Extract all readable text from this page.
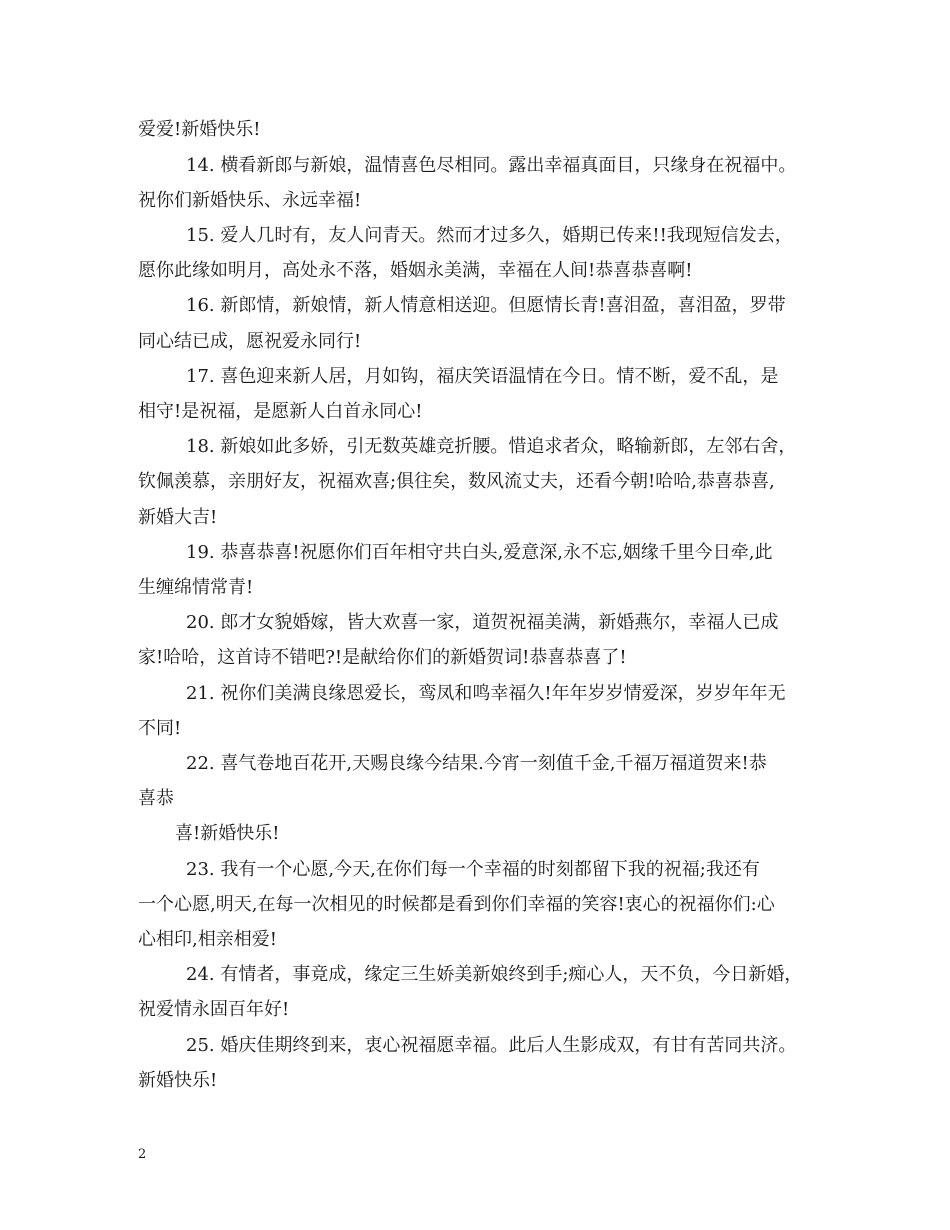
爱爱!新婚快乐!
14. 横看新郎与新娘，温情喜色尽相同。露出幸福真面目，只缘身在祝福中。
祝你们新婚快乐、永远幸福!
15. 爱人几时有，友人问青天。然而才过多久，婚期已传来!!我现短信发去，
愿你此缘如明月，高处永不落，婚姻永美满，幸福在人间!恭喜恭喜啊!
16. 新郎情，新娘情，新人情意相送迎。但愿情长青!喜泪盈，喜泪盈，罗带
同心结已成，愿祝爱永同行!
17. 喜色迎来新人居，月如钩，福庆笑语温情在今日。情不断，爱不乱，是
相守!是祝福，是愿新人白首永同心!
18. 新娘如此多娇，引无数英雄竞折腰。惜追求者众，略输新郎，左邻右舍，
钦佩羡慕，亲朋好友，祝福欢喜;俱往矣，数风流丈夫，还看今朝!哈哈,恭喜恭喜,
新婚大吉!
19. 恭喜恭喜!祝愿你们百年相守共白头,爱意深,永不忘,姻缘千里今日牵,此
生缠绵情常青!
20. 郎才女貌婚嫁，皆大欢喜一家，道贺祝福美满，新婚燕尔，幸福人已成
家!哈哈，这首诗不错吧?!是献给你们的新婚贺词!恭喜恭喜了!
21. 祝你们美满良缘恩爱长，鸾凤和鸣幸福久!年年岁岁情爱深，岁岁年年无
不同!
22. 喜气卷地百花开,天赐良缘今结果.今宵一刻值千金,千福万福道贺来!恭
喜恭
喜!新婚快乐!
23. 我有一个心愿,今天,在你们每一个幸福的时刻都留下我的祝福;我还有
一个心愿,明天,在每一次相见的时候都是看到你们幸福的笑容!衷心的祝福你们:心
心相印,相亲相爱!
24. 有情者，事竟成，缘定三生娇美新娘终到手;痴心人，天不负，今日新婚，
祝爱情永固百年好!
25. 婚庆佳期终到来，衷心祝福愿幸福。此后人生影成双，有甘有苦同共济。
新婚快乐!
2
